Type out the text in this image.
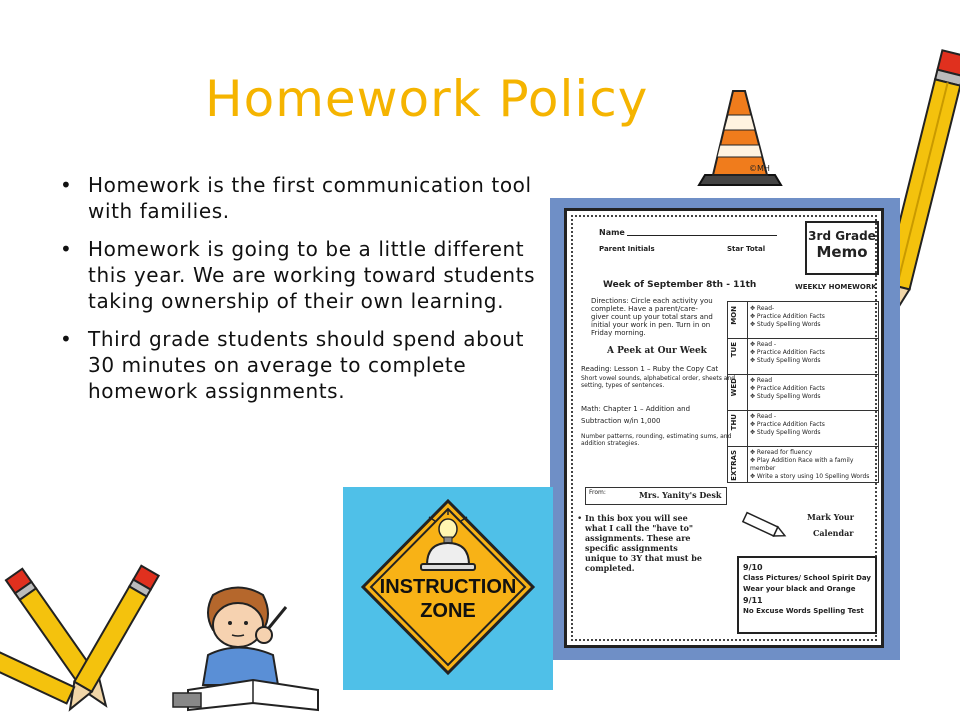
Homework Policy
• Homework is the first communication tool with families.
• Homework is going to be a little different this year. We are working toward students taking ownership of their own learning.
• Third grade students should spend about 30 minutes on average to complete homework assignments.
©MH
Name
Parent Initials	Star Total
3rd Grade
Memo
Week of September 8th - 11th	WEEKLY HOMEWORK
Directions: Circle each activity you
complete. Have a parent/care-
giver count up your total stars and
initial your work in pen. Turn in on
Friday morning.
A Peek at Our Week
Reading: Lesson 1 – Ruby the Copy Cat
Short vowel sounds, alphabetical order, sheets and
setting, types of sentences.
Math: Chapter 1 – Addition and
Subtraction w/in 1,000
Number patterns, rounding, estimating sums, and
addition strategies.
MON	✥ Read-
✥ Practice Addition Facts
✥ Study Spelling Words
TUE	✥ Read -
✥ Practice Addition Facts
✥ Study Spelling Words
WED	✥ Read
✥ Practice Addition Facts
✥ Study Spelling Words
THU	✥ Read -
✥ Practice Addition Facts
✥ Study Spelling Words
EXTRAS	✥ Reread for fluency
✥ Play Addition Race with a family member
✥ Write a story using 10 Spelling Words
From:	Mrs. Yanity's Desk
• In this box you will see what I call the "have to" assignments. These are specific assignments unique to 3Y that must be completed.
Mark Your
Calendar
9/10
Class Pictures/ School Spirit Day
Wear your black and Orange
9/11
No Excuse Words Spelling Test
INSTRUCTION
ZONE
